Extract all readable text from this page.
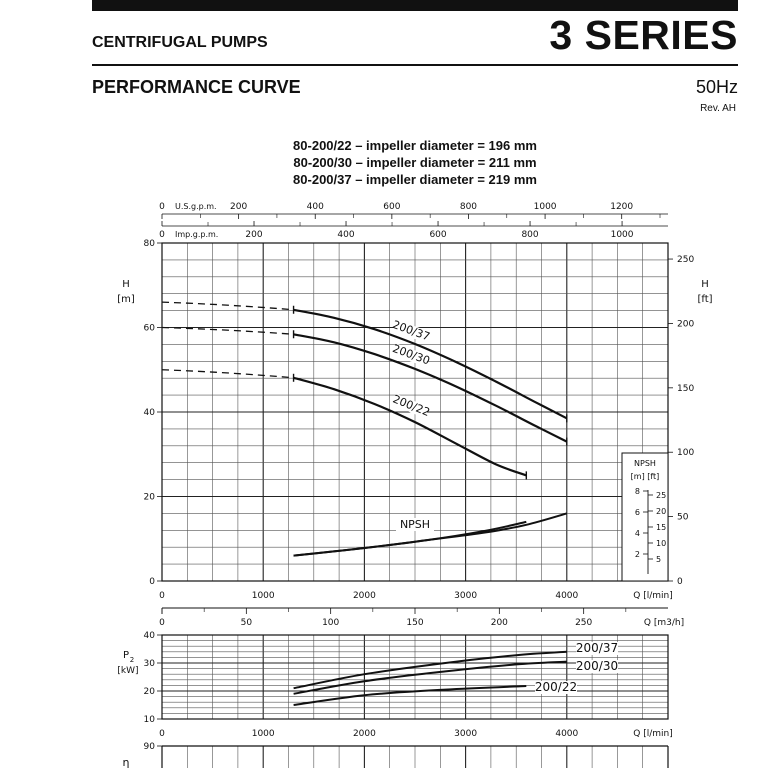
3 SERIES
CENTRIFUGAL PUMPS
PERFORMANCE CURVE	50Hz
Rev. AH
80-200/22 – impeller diameter = 196 mm
80-200/30 – impeller diameter = 211 mm
80-200/37 – impeller diameter = 219 mm
0
20
40
60
80
H
[m]
0
50
100
150
200
250
H
[ft]
0	1000	2000	3000	4000	Q [l/min]
0 U.S.g.p.m. 200	400	600	800	1000	1200
0 Imp.g.p.m.	200	400	600	800	1000
200/37
200/30
200/22
NPSH
NPSH
[m] [ft]
2
4
6
8
5
10
15
20
25
0	50	100	150	200	250	Q [m3/h]
10
20
30
40
P 2
[kW]
200/37
200/30
200/22
0	1000	2000	3000	4000	Q [l/min]
90
η
